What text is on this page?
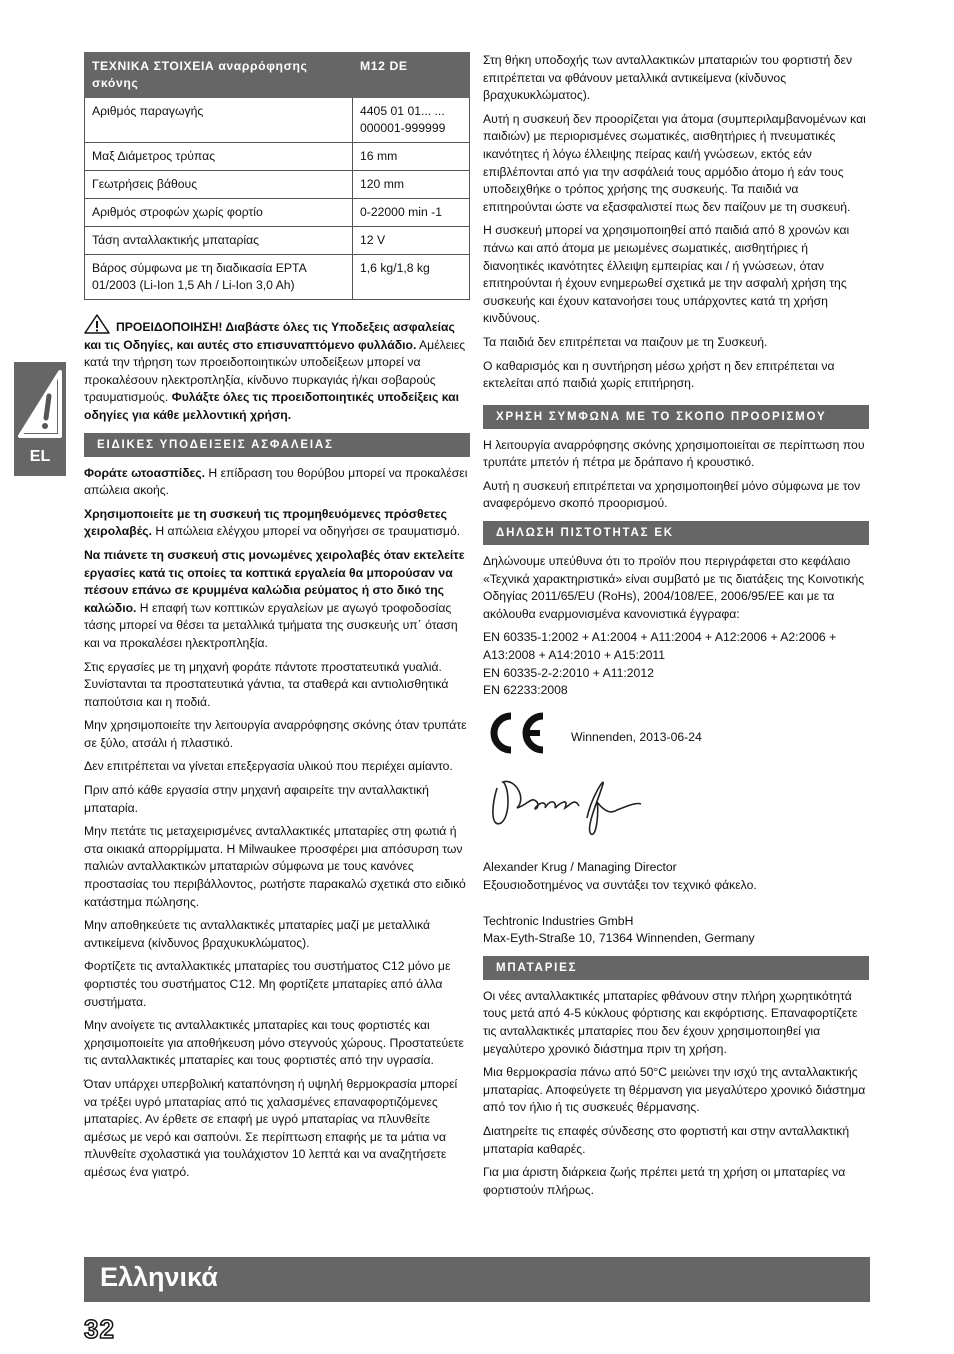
EL
ΤΕΧΝΙΚΑ ΣΤΟΙΧΕΙΑ αναρρόφησης σκόνης	M12 DE
Αριθμός παραγωγής	4405 01 01... ... 000001-999999
Μαξ Διάμετρος τρύπας	16 mm
Γεωτρήσεις βάθους	120 mm
Αριθμός στροφών χωρίς φορτίο	0-22000 min -1
Τάση ανταλλακτικής μπαταρίας	12 V
Βάρος σύμφωνα με τη διαδικασία EPTA 01/2003 (Li-Ion 1,5 Ah / Li-Ion 3,0 Ah)	1,6 kg/1,8 kg

ΠΡΟΕΙΔΟΠΟΙΗΣΗ! Διαβάστε όλες τις Υποδεξεις ασφαλείας και τις Οδηγίες, και αυτές στο επισυναπτόμενο φυλλάδιο. Αμέλειες κατά την τήρηση των προειδοποιητικών υποδείξεων μπορεί να προκαλέσουν ηλεκτροπληξία, κίνδυνο πυρκαγιάς ή/και σοβαρούς τραυματισμούς. Φυλάξτε όλες τις προειδοποιητικές υποδείξεις και οδηγίες για κάθε μελλοντική χρήση.

ΕΙΔΙΚΕΣ ΥΠΟΔΕΙΞΕΙΣ ΑΣΦΑΛΕΙΑΣ

Φοράτε ωτοασπίδες. Η επίδραση του θορύβου μπορεί να προκαλέσει απώλεια ακοής.

Χρησιμοποιείτε με τη συσκευή τις προμηθευόμενες πρόσθετες χειρολαβές. Η απώλεια ελέγχου μπορεί να οδηγήσει σε τραυματισμό.

Να πιάνετε τη συσκευή στις μονωμένες χειρολαβές όταν εκτελείτε εργασίες κατά τις οποίες τα κοπτικά εργαλεία θα μπορούσαν να πέσουν επάνω σε κρυμμένα καλώδια ρεύματος ή στο δικό της καλώδιο. Η επαφή των κοπτικών εργαλείων με αγωγό τροφοδοσίας τάσης μπορεί να θέσει τα μεταλλικά τμήματα της συσκευής υπ΄ όταση και να προκαλέσει ηλεκτροπληξία.

Στις εργασίες με τη μηχανή φοράτε πάντοτε προστατευτικά γυαλιά. Συνίστανται τα προστατευτικά γάντια, τα σταθερά και αντιολισθητικά παπούτσια και η ποδιά.

Μην χρησιμοποιείτε την λειτουργία αναρρόφησης σκόνης όταν τρυπάτε σε ξύλο, ατσάλι ή πλαστικό.

Δεν επιτρέπεται να γίνεται επεξεργασία υλικού που περιέχει αμίαντο.

Πριν από κάθε εργασία στην μηχανή αφαιρείτε την ανταλλακτική μπαταρία.

Μην πετάτε τις μεταχειρισμένες ανταλλακτικές μπαταρίες στη φωτιά ή στα οικιακά απορρίμματα. Η Milwaukee προσφέρει μια απόσυρση των παλιών ανταλλακτικών μπαταριών σύμφωνα με τους κανόνες προστασίας του περιβάλλοντος, ρωτήστε παρακαλώ σχετικά στο ειδικό κατάστημα πώλησης.

Μην αποθηκεύετε τις ανταλλακτικές μπαταρίες μαζί με μεταλλικά αντικείμενα (κίνδυνος βραχυκυκλώματος).

Φορτίζετε τις ανταλλακτικές μπαταρίες του συστήματος C12 μόνο με φορτιστές του συστήματος C12. Μη φορτίζετε μπαταρίες από άλλα συστήματα.

Μην ανοίγετε τις ανταλλακτικές μπαταρίες και τους φορτιστές και χρησιμοποιείτε για αποθήκευση μόνο στεγνούς χώρους. Προστατεύετε τις ανταλλακτικές μπαταρίες και τους φορτιστές από την υγρασία.

Όταν υπάρχει υπερβολική καταπόνηση ή υψηλή θερμοκρασία μπορεί να τρέξει υγρό μπαταρίας από τις χαλασμένες επαναφορτιζόμενες μπαταρίες. Αν έρθετε σε επαφή με υγρό μπαταρίας να πλυνθείτε αμέσως με νερό και σαπούνι. Σε περίπτωση επαφής με τα μάτια να πλυνθείτε σχολαστικά για τουλάχιστον 10 λεπτά και να αναζητήσετε αμέσως ένα γιατρό.

Στη θήκη υποδοχής των ανταλλακτικών μπαταριών του φορτιστή δεν επιτρέπεται να φθάνουν μεταλλικά αντικείμενα (κίνδυνος βραχυκυκλώματος).

Αυτή η συσκευή δεν προορίζεται για άτομα (συμπεριλαμβανομένων και παιδιών) με περιορισμένες σωματικές, αισθητήριες ή πνευματικές ικανότητες ή λόγω έλλειψης πείρας και/ή γνώσεων, εκτός εάν επιβλέπονται από για την ασφάλειά τους αρμόδιο άτομο ή εάν τους υποδειχθήκε ο τρόπος χρήσης της συσκευής. Τα παιδιά να επιτηρούνται ώστε να εξασφαλιστεί πως δεν παίζουν με τη συσκευή.

Η συσκευή μπορεί να χρησιμοποιηθεί από παιδιά από 8 χρονών και πάνω και από άτομα με μειωμένες σωματικές, αισθητήριες ή διανοητικές ικανότητες έλλειψη εμπειρίας και / ή γνώσεων, όταν επιτηρούνται ή έχουν ενημερωθεί σχετικά με την ασφαλή χρήση της συσκευής και έχουν κατανοήσει τους υπάρχοντες κατά τη χρήση κινδύνους.

Τα παιδιά δεν επιτρέπεται να παιζουν με τη Συσκευή.

Ο καθαρισμός και η συντήρηση μέσω χρήστ η δεν επιτρέπεται να εκτελείται από παιδιά χωρίς επιτήρηση.

ΧΡΗΣΗ ΣΥΜΦΩΝΑ ΜΕ ΤΟ ΣΚΟΠΟ ΠΡΟΟΡΙΣΜΟΥ

Η λειτουργία αναρρόφησης σκόνης χρησιμοποιείται σε περίπτωση που τρυπάτε μπετόν ή πέτρα με δράπανο ή κρουστικό.

Αυτή η συσκευή επιτρέπεται να χρησιμοποιηθεί μόνο σύμφωνα με τον αναφερόμενο σκοπό προορισμού.

ΔΗΛΩΣΗ ΠΙΣΤΟΤΗΤΑΣ ΕΚ

Δηλώνουμε υπεύθυνα ότι το προϊόν που περιγράφεται στο κεφάλαιο «Τεχνικά χαρακτηριστικά» είναι συμβατό με τις διατάξεις της Κοινοτικής Οδηγίας 2011/65/EU (RoHs), 2004/108/ΕΕ, 2006/95/ΕΕ και με τα ακόλουθα εναρμονισμένα κανονιστικά έγγραφα:

EN 60335-1:2002 + A1:2004 + A11:2004 + A12:2006 + A2:2006 + A13:2008 + A14:2010 + A15:2011
EN 60335-2-2:2010 + A11:2012
EN 62233:2008
Winnenden, 2013-06-24
Alexander Krug / Managing Director
Εξουσιοδοτημένος να συντάξει τον τεχνικό φάκελο.
Techtronic Industries GmbH
Max-Eyth-Straße 10, 71364 Winnenden, Germany
ΜΠΑΤΑΡΙΕΣ

Οι νέες ανταλλακτικές μπαταρίες φθάνουν στην πλήρη χωρητικότητά τους μετά από 4-5 κύκλους φόρτισης και εκφόρτισης. Επαναφορτίζετε τις ανταλλακτικές μπαταρίες που δεν έχουν χρησιμοποιηθεί για μεγαλύτερο χρονικό διάστημα πριν τη χρήση.

Μια θερμοκρασία πάνω από 50°C μειώνει την ισχύ της ανταλλακτικής μπαταρίας. Αποφεύγετε τη θέρμανση για μεγαλύτερο χρονικό διάστημα από τον ήλιο ή τις συσκευές θέρμανσης.

Διατηρείτε τις επαφές σύνδεσης στο φορτιστή και στην ανταλλακτική μπαταρία καθαρές.

Για μια άριστη διάρκεια ζωής πρέπει μετά τη χρήση οι μπαταρίες να φορτιστούν πλήρως.

Ελληνικά
32
